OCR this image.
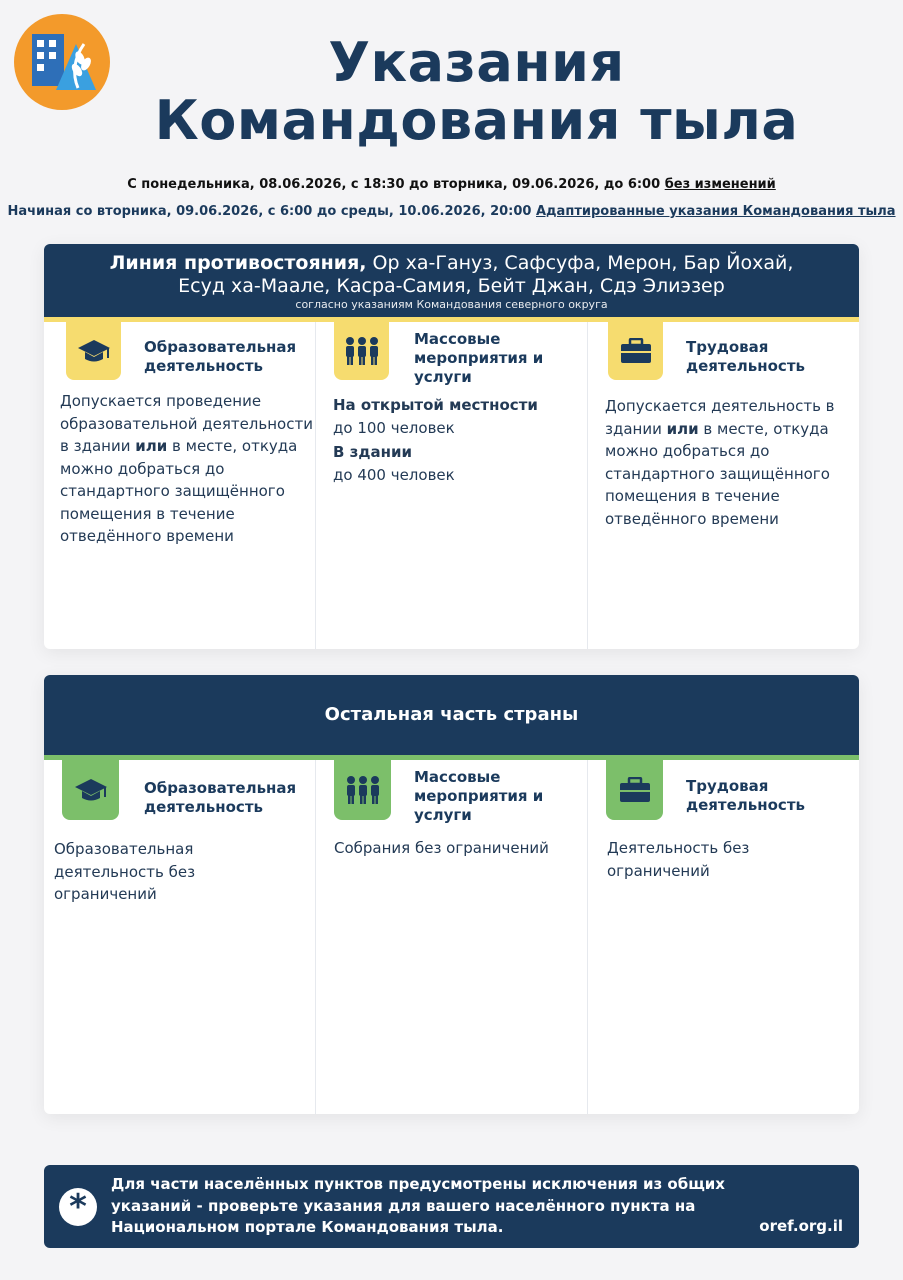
Указания
Командования тыла
С понедельника, 08.06.2026, с 18:30 до вторника, 09.06.2026, до 6:00 без изменений
Начиная со вторника, 09.06.2026, с 6:00 до среды, 10.06.2026, 20:00 Адаптированные указания Командования тыла
Линия противостояния, Ор ха-Гануз, Сафсуфа, Мерон, Бар Йохай,
Есуд ха-Маале, Касра-Самия, Бейт Джан, Сдэ Элиэзер
согласно указаниям Командования северного округа
Образовательная деятельность
Допускается проведение образовательной деятельности в здании или в месте, откуда можно добраться до стандартного защищённого помещения в течение отведённого времени
Массовые мероприятия и услуги
На открытой местности
до 100 человек
В здании
до 400 человек
Трудовая деятельность
Допускается деятельность в здании или в месте, откуда можно добраться до стандартного защищённого помещения в течение отведённого времени
Остальная часть страны
Образовательная деятельность
Образовательная деятельность без ограничений
Массовые мероприятия и услуги
Собрания без ограничений
Трудовая деятельность
Деятельность без ограничений
*
Для части населённых пунктов предусмотрены исключения из общих указаний - проверьте указания для вашего населённого пункта на Национальном портале Командования тыла.	oref.org.il
